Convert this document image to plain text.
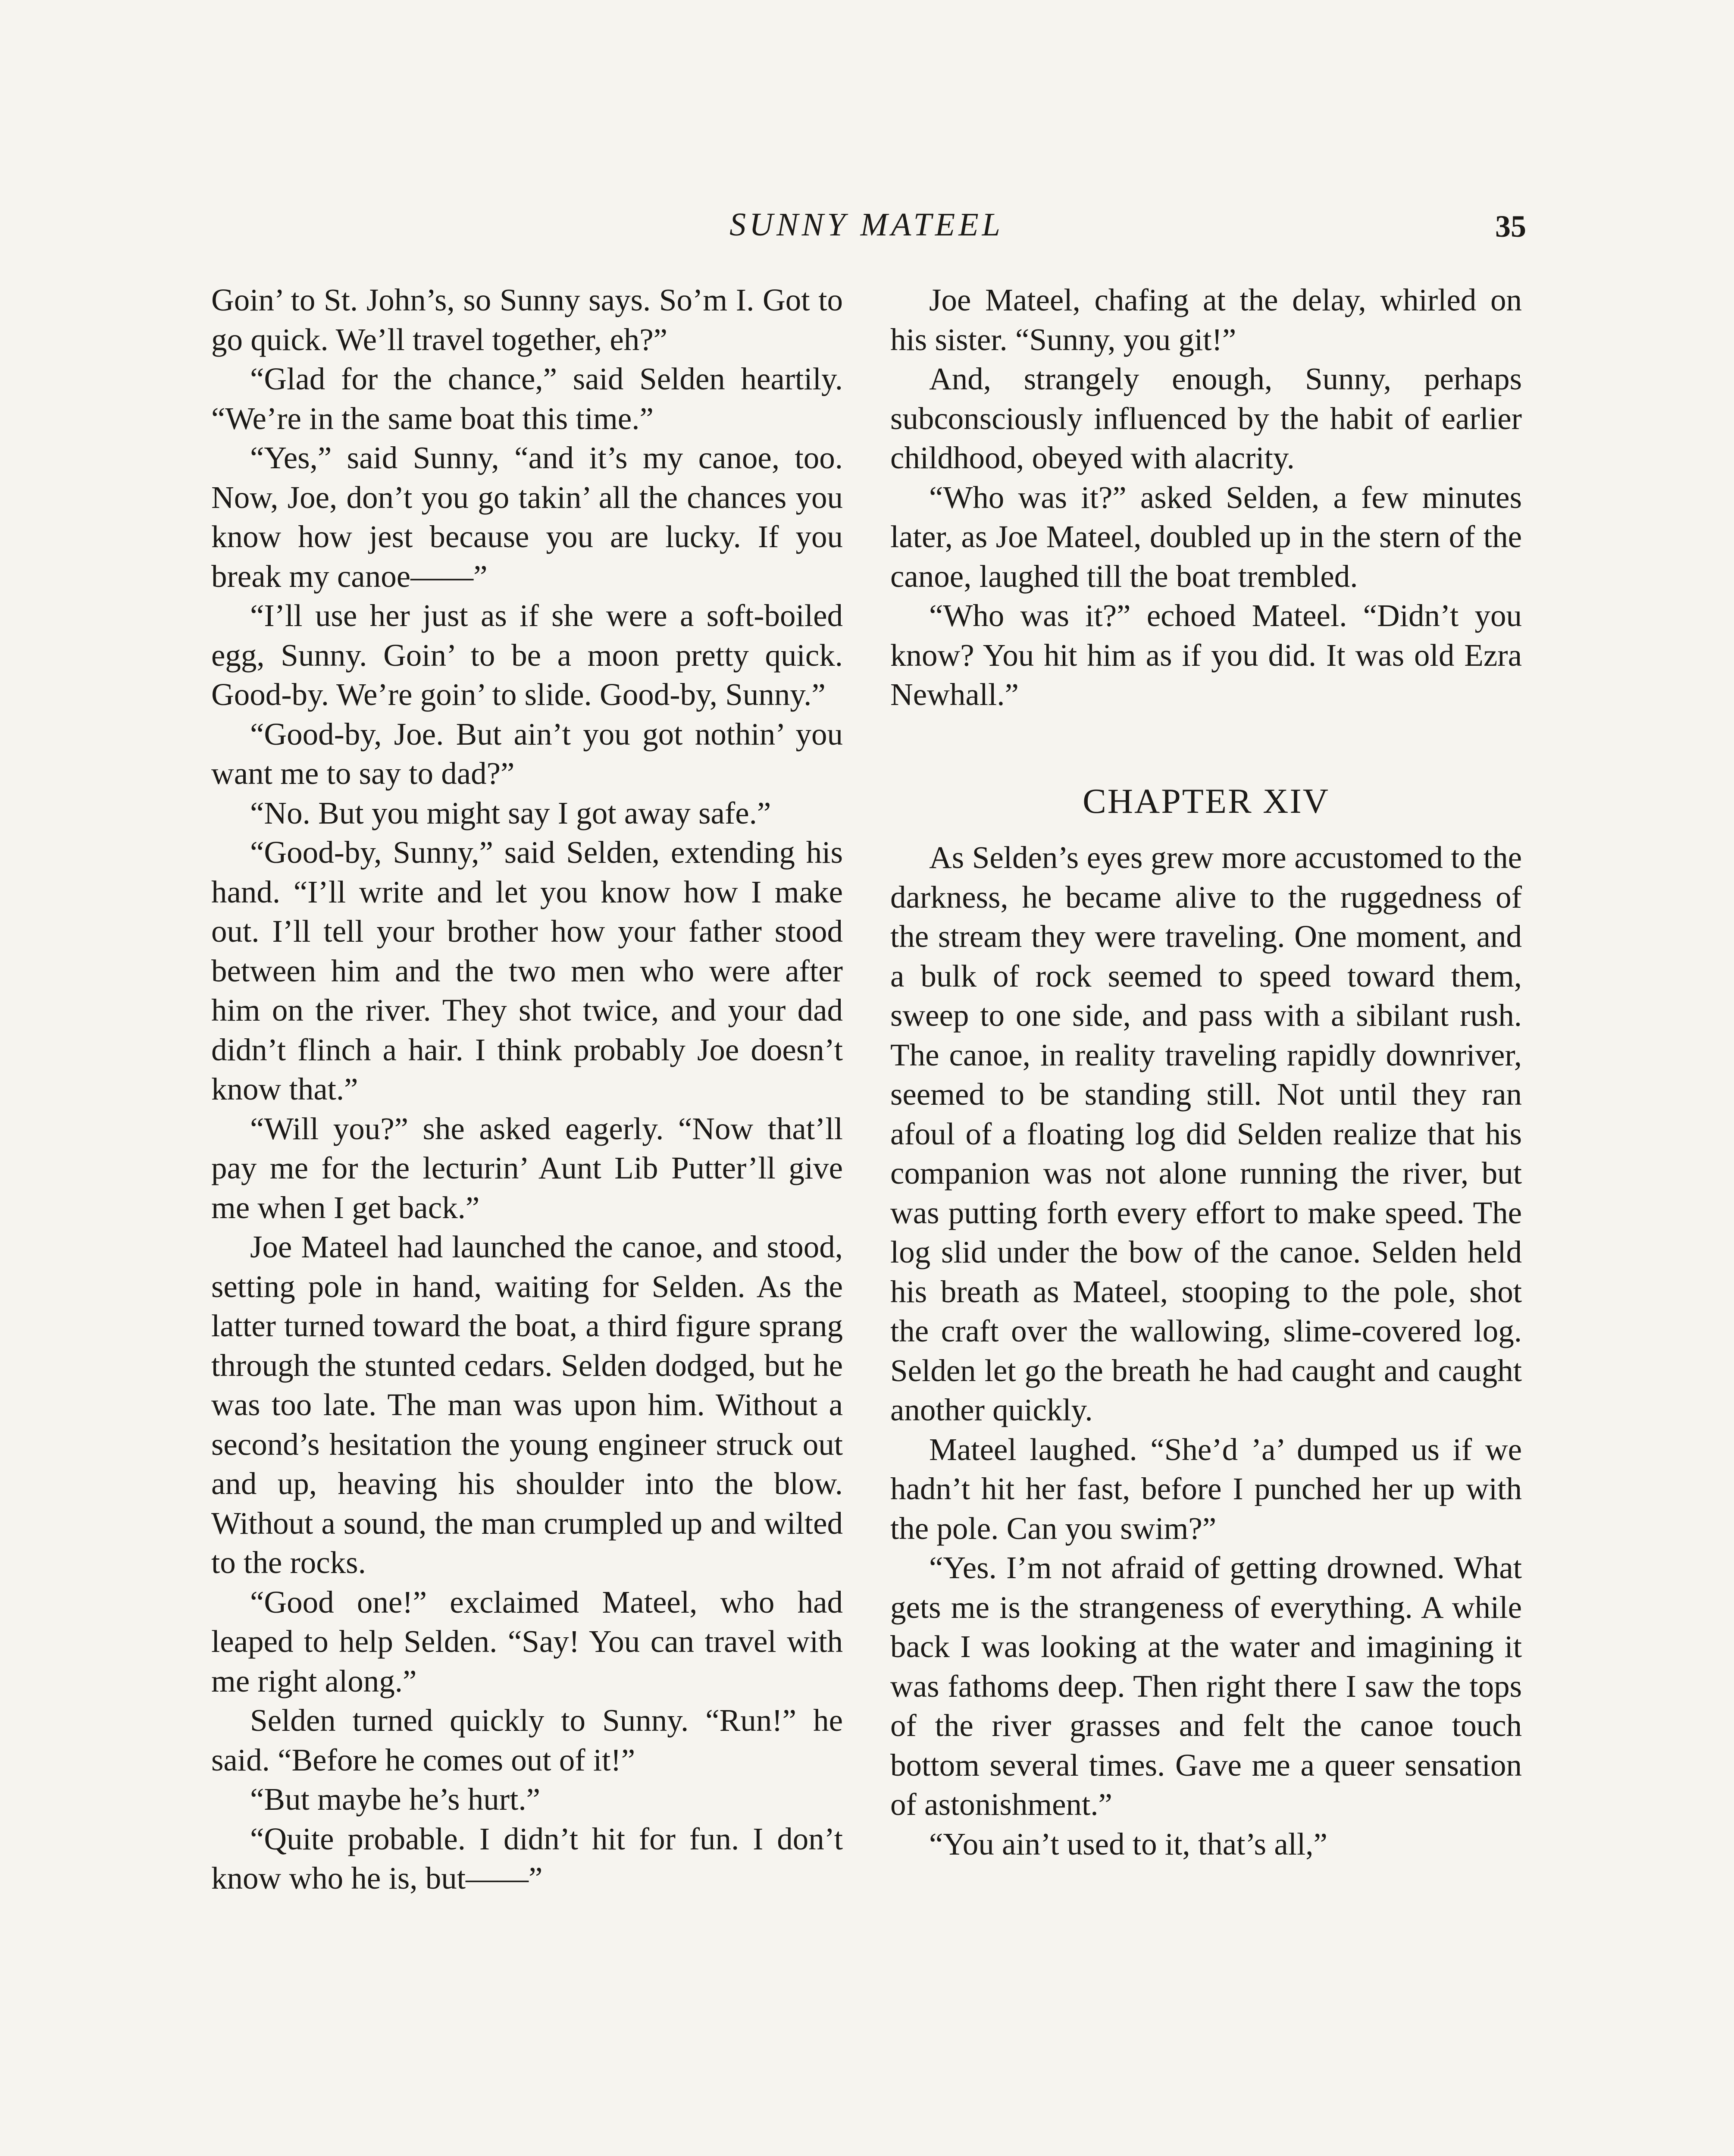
SUNNY MATEEL	35

Goin’ to St. John’s, so Sunny says. So’m I. Got to go quick. We’ll travel together, eh?”

“Glad for the chance,” said Selden heartily. “We’re in the same boat this time.”

“Yes,” said Sunny, “and it’s my canoe, too. Now, Joe, don’t you go takin’ all the chances you know how jest because you are lucky. If you break my canoe——”

“I’ll use her just as if she were a soft-boiled egg, Sunny. Goin’ to be a moon pretty quick. Good-by. We’re goin’ to slide. Good-by, Sunny.”

“Good-by, Joe. But ain’t you got nothin’ you want me to say to dad?”

“No. But you might say I got away safe.”

“Good-by, Sunny,” said Selden, extending his hand. “I’ll write and let you know how I make out. I’ll tell your brother how your father stood between him and the two men who were after him on the river. They shot twice, and your dad didn’t flinch a hair. I think probably Joe doesn’t know that.”

“Will you?” she asked eagerly. “Now that’ll pay me for the lecturin’ Aunt Lib Putter’ll give me when I get back.”

Joe Mateel had launched the canoe, and stood, setting pole in hand, waiting for Selden. As the latter turned toward the boat, a third figure sprang through the stunted cedars. Selden dodged, but he was too late. The man was upon him. Without a second’s hesitation the young engineer struck out and up, heaving his shoulder into the blow. Without a sound, the man crumpled up and wilted to the rocks.

“Good one!” exclaimed Mateel, who had leaped to help Selden. “Say! You can travel with me right along.”

Selden turned quickly to Sunny. “Run!” he said. “Before he comes out of it!”

“But maybe he’s hurt.”

“Quite probable. I didn’t hit for fun. I don’t know who he is, but——”

Joe Mateel, chafing at the delay, whirled on his sister. “Sunny, you git!”

And, strangely enough, Sunny, perhaps subconsciously influenced by the habit of earlier childhood, obeyed with alacrity.

“Who was it?” asked Selden, a few minutes later, as Joe Mateel, doubled up in the stern of the canoe, laughed till the boat trembled.

“Who was it?” echoed Mateel. “Didn’t you know? You hit him as if you did. It was old Ezra Newhall.”

CHAPTER XIV

As Selden’s eyes grew more accustomed to the darkness, he became alive to the ruggedness of the stream they were traveling. One moment, and a bulk of rock seemed to speed toward them, sweep to one side, and pass with a sibilant rush. The canoe, in reality traveling rapidly downriver, seemed to be standing still. Not until they ran afoul of a floating log did Selden realize that his companion was not alone running the river, but was putting forth every effort to make speed. The log slid under the bow of the canoe. Selden held his breath as Mateel, stooping to the pole, shot the craft over the wallowing, slime-covered log. Selden let go the breath he had caught and caught another quickly.

Mateel laughed. “She’d ’a’ dumped us if we hadn’t hit her fast, before I punched her up with the pole. Can you swim?”

“Yes. I’m not afraid of getting drowned. What gets me is the strangeness of everything. A while back I was looking at the water and imagining it was fathoms deep. Then right there I saw the tops of the river grasses and felt the canoe touch bottom several times. Gave me a queer sensation of astonishment.”

“You ain’t used to it, that’s all,”
